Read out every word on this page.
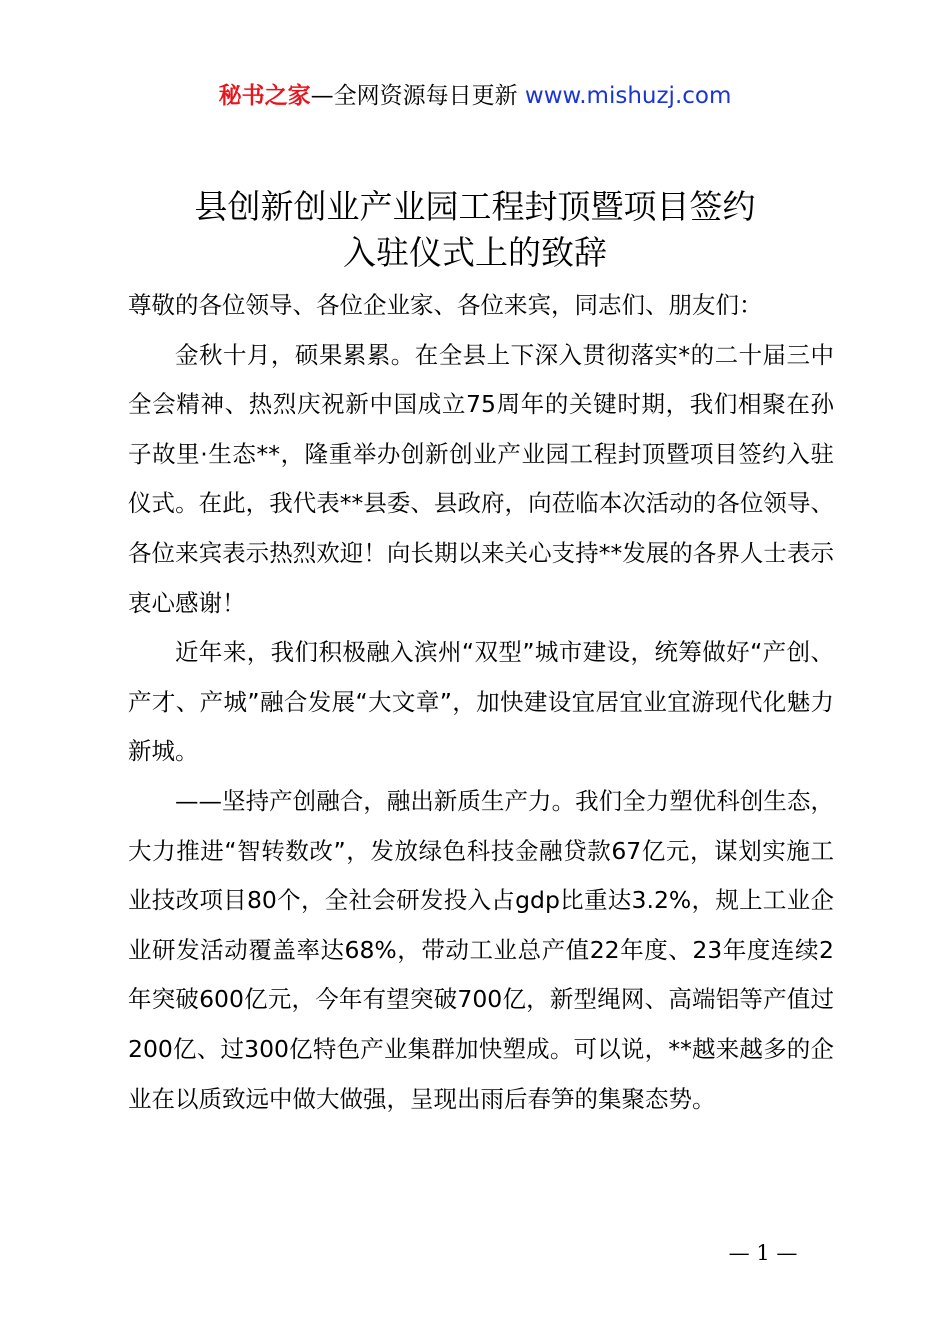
秘书之家—全网资源每日更新 www.mishuzj.com
县创新创业产业园工程封顶暨项目签约
入驻仪式上的致辞

尊敬的各位领导、各位企业家、各位来宾，同志们、朋友们：

金秋十月，硕果累累。在全县上下深入贯彻落实*的二十届三中全会精神、热烈庆祝新中国成立75周年的关键时期，我们相聚在孙子故里·生态**，隆重举办创新创业产业园工程封顶暨项目签约入驻仪式。在此，我代表**县委、县政府，向莅临本次活动的各位领导、各位来宾表示热烈欢迎！向长期以来关心支持**发展的各界人士表示衷心感谢！

近年来，我们积极融入滨州“双型”城市建设，统筹做好“产创、产才、产城”融合发展“大文章”，加快建设宜居宜业宜游现代化魅力新城。

——坚持产创融合，融出新质生产力。我们全力塑优科创生态，大力推进“智转数改”，发放绿色科技金融贷款67亿元，谋划实施工业技改项目80个，全社会研发投入占gdp比重达3.2%，规上工业企业研发活动覆盖率达68%，带动工业总产值22年度、23年度连续2年突破600亿元，今年有望突破700亿，新型绳网、高端铝等产值过200亿、过300亿特色产业集群加快塑成。可以说，**越来越多的企业在以质致远中做大做强，呈现出雨后春笋的集聚态势。

— 1 —
